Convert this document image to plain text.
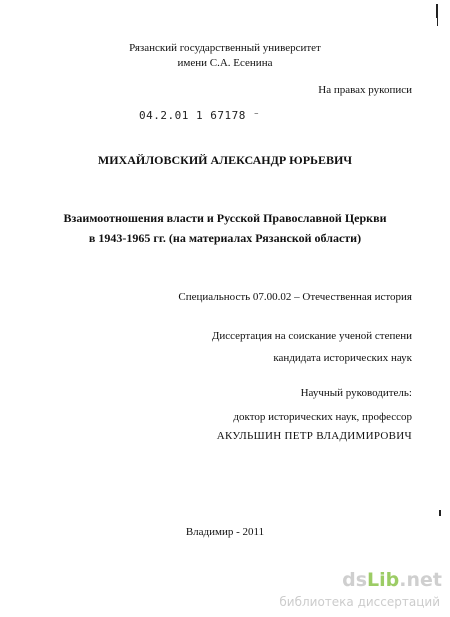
Рязанский государственный университет
имени С.А. Есенина
На правах рукописи
04.2.01 1 67178 ⁻
МИХАЙЛОВСКИЙ АЛЕКСАНДР ЮРЬЕВИЧ
Взаимоотношения власти и Русской Православной Церкви
в 1943-1965 гг. (на материалах Рязанской области)
Специальность 07.00.02 – Отечественная история
Диссертация на соискание ученой степени
кандидата исторических наук
Научный руководитель:
доктор исторических наук, профессор
АКУЛЬШИН ПЕТР ВЛАДИМИРОВИЧ
Владимир - 2011
dsLib.net
библиотека диссертаций
